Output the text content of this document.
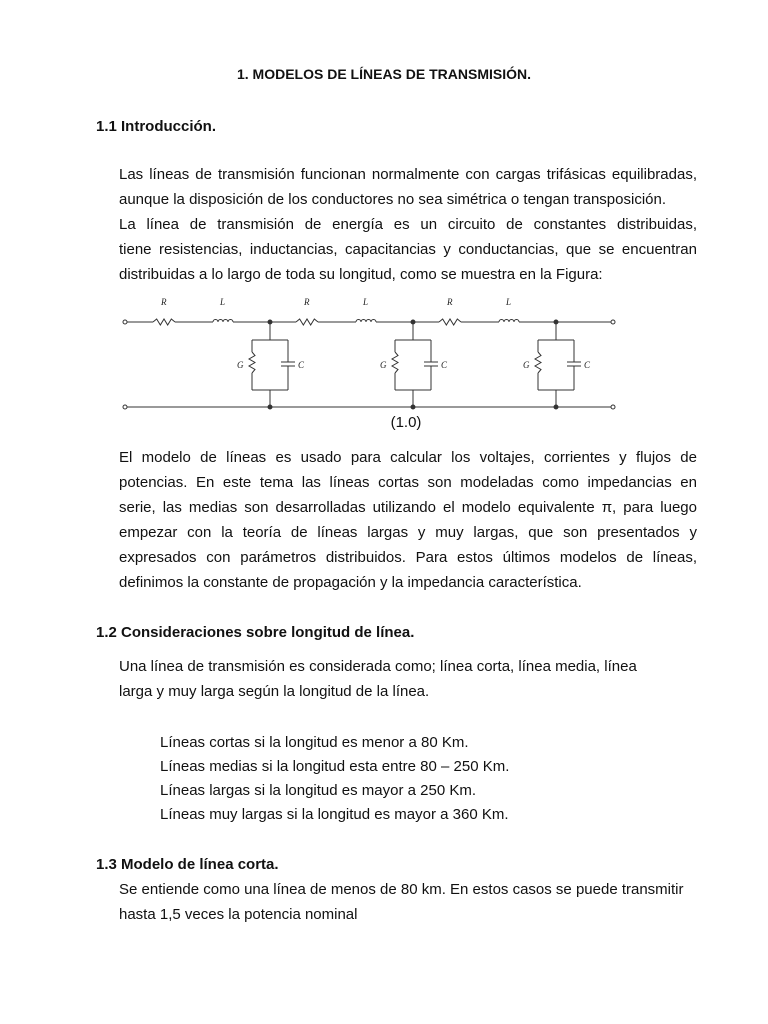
1. MODELOS DE LÍNEAS DE TRANSMISIÓN.
1.1 Introducción.
Las líneas de transmisión funcionan normalmente con cargas trifásicas equilibradas,
aunque la disposición de los conductores no sea simétrica o tengan transposición.
La línea de transmisión de energía es un circuito de constantes distribuidas,
tiene resistencias, inductancias, capacitancias y conductancias, que se encuentran
distribuidas a lo largo de toda su longitud, como se muestra en la Figura:
R	L
G	C
R	L
G	C
R	L
G	C
(1.0)
El modelo de líneas es usado para calcular los voltajes, corrientes y flujos de
potencias. En este tema las líneas cortas son modeladas como impedancias en
serie, las medias son desarrolladas utilizando el modelo equivalente π, para luego
empezar con la teoría de líneas largas y muy largas, que son presentados y
expresados con parámetros distribuidos. Para estos últimos modelos de líneas,
definimos la constante de propagación y la impedancia característica.
1.2 Consideraciones sobre longitud de línea.
Una línea de transmisión es considerada como; línea corta, línea media, línea
larga y muy larga según la longitud de la línea.
Líneas cortas si la longitud es menor a 80 Km.
Líneas medias si la longitud esta entre 80 – 250 Km.
Líneas largas si la longitud es mayor a 250 Km.
Líneas muy largas si la longitud es mayor a 360 Km.
1.3 Modelo de línea corta.
Se entiende como una línea de menos de 80 km. En estos casos se puede transmitir
hasta 1,5 veces la potencia nominal
